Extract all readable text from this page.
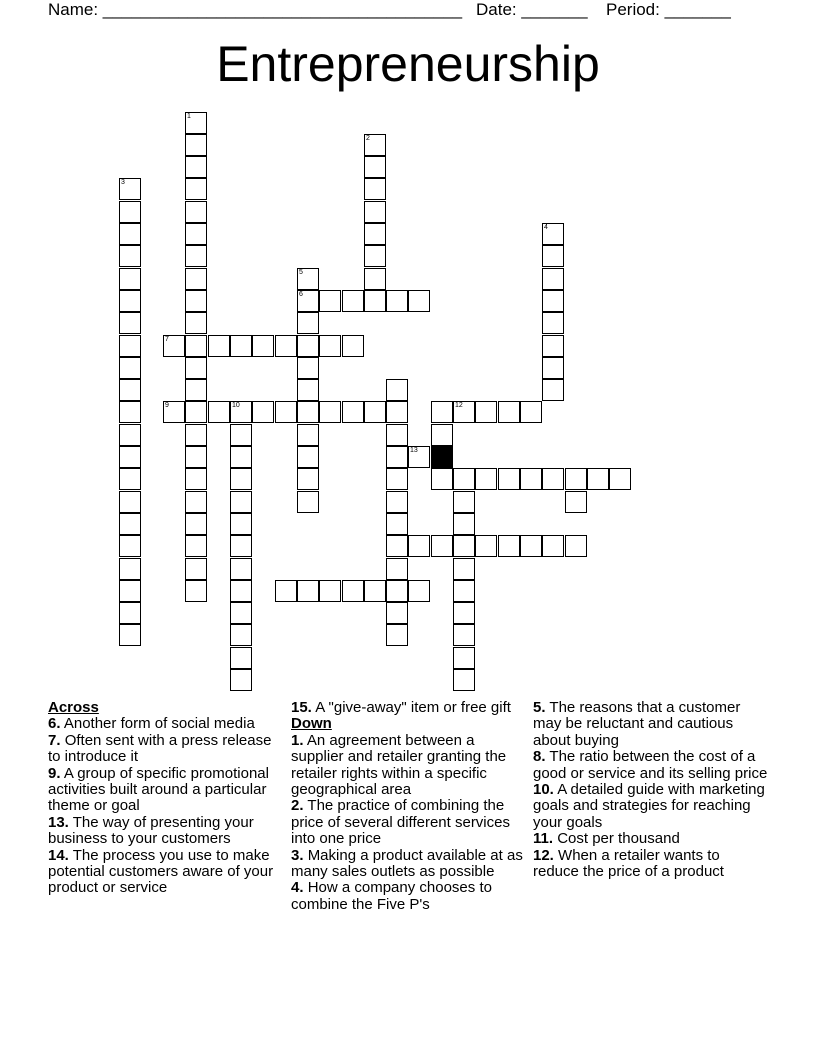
Name: ______________________________________ Date: _______ Period: _______
Entrepreneurship
1
2
3
4
5
6
7
9	10	12
13
Across
6. Another form of social media
7. Often sent with a press release to introduce it
9. A group of specific promotional activities built around a particular theme or goal
13. The way of presenting your business to your customers
14. The process you use to make potential customers aware of your product or service
15. A "give-away" item or free gift
Down
1. An agreement between a supplier and retailer granting the retailer rights within a specific geographical area
2. The practice of combining the price of several different services into one price
3. Making a product available at as many sales outlets as possible
4. How a company chooses to combine the Five P's
5. The reasons that a customer may be reluctant and cautious about buying
8. The ratio between the cost of a good or service and its selling price
10. A detailed guide with marketing goals and strategies for reaching your goals
11. Cost per thousand
12. When a retailer wants to reduce the price of a product
